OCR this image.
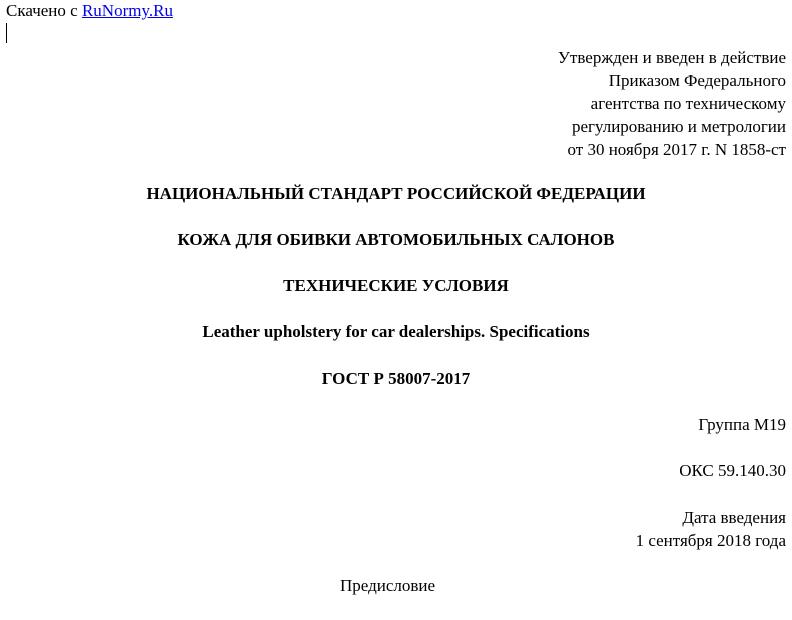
Скачено с RuNormy.Ru
Утвержден и введен в действие
Приказом Федерального
агентства по техническому
регулированию и метрологии
от 30 ноября 2017 г. N 1858-ст
НАЦИОНАЛЬНЫЙ СТАНДАРТ РОССИЙСКОЙ ФЕДЕРАЦИИ
КОЖА ДЛЯ ОБИВКИ АВТОМОБИЛЬНЫХ САЛОНОВ
ТЕХНИЧЕСКИЕ УСЛОВИЯ
Leather upholstery for car dealerships. Specifications
ГОСТ Р 58007-2017
Группа М19
ОКС 59.140.30
Дата введения
1 сентября 2018 года
Предисловие
